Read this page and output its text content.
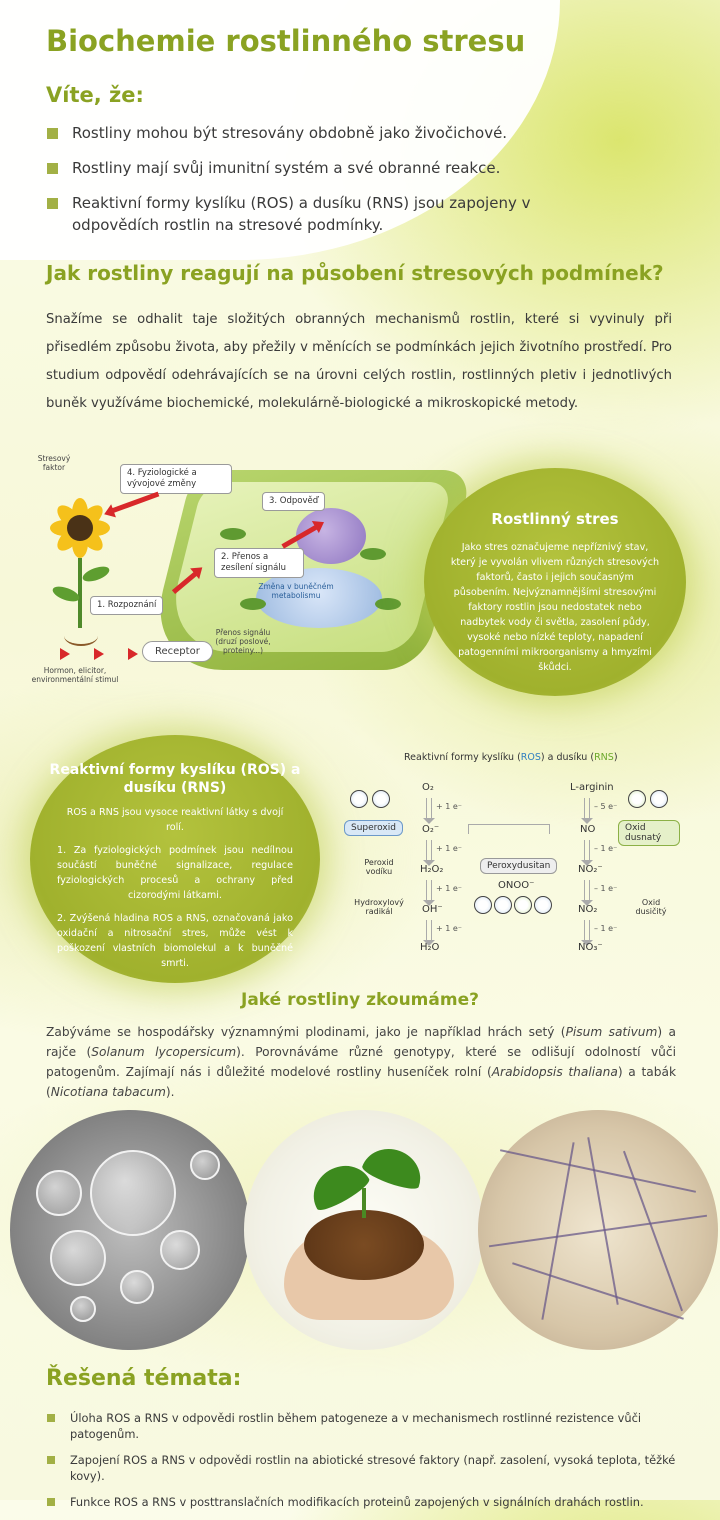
Biochemie rostlinného stresu
Víte, že:
Rostliny mohou být stresovány obdobně jako živočichové.
Rostliny mají svůj imunitní systém a své obranné reakce.
Reaktivní formy kyslíku (ROS) a dusíku (RNS) jsou zapojeny v odpovědích rostlin na stresové podmínky.
Jak rostliny reagují na působení stresových podmínek?

Snažíme se odhalit taje složitých obranných mechanismů rostlin, které si vyvinuly při přisedlém způsobu života, aby přežily v měnících se podmínkách jejich životního prostředí. Pro studium odpovědí odehrávajících se na úrovni celých rostlin, rostlinných pletiv i jednotlivých buněk využíváme biochemické, molekulárně-biologické a mikroskopické metody.

Stresový faktor
4. Fyziologické a vývojové změny
3. Odpověď
2. Přenos a zesílení signálu
1. Rozpoznání
Změna v buněčném metabolismu
Přenos signálu (druzí poslové, proteiny...)
Receptor
Hormon, elicitor, environmentální stimul
Rostlinný stres

Jako stres označujeme nepříznivý stav, který je vyvolán vlivem různých stresových faktorů, často i jejich současným působením. Nejvýznamnějšími stresovými faktory rostlin jsou nedostatek nebo nadbytek vody či světla, zasolení půdy, vysoké nebo nízké teploty, napadení patogenními mikroorganismy a hmyzími škůdci.

Reaktivní formy kyslíku (ROS) a dusíku (RNS)

ROS a RNS jsou vysoce reaktivní látky s dvojí rolí.

1. Za fyziologických podmínek jsou nedílnou součástí buněčné signalizace, regulace fyziologických procesů a ochrany před cizorodými látkami.

2. Zvýšená hladina ROS a RNS, označovaná jako oxidační a nitrosační stres, může vést k poškození vlastních biomolekul a k buněčné smrti.

Reaktivní formy kyslíku (ROS) a dusíku (RNS)
Superoxid
O₂
+ 1 e⁻
O₂⁻
+ 1 e⁻
H₂O₂
+ 1 e⁻
OH⁻
+ 1 e⁻
H₂O
Peroxid vodíku
Hydroxylový radikál
Peroxydusitan
ONOO⁻
L-arginin
– 5 e⁻
NO
– 1 e⁻
NO₂⁻
– 1 e⁻
NO₂
– 1 e⁻
NO₃⁻
Oxid dusnatý
Oxid dusičitý
Jaké rostliny zkoumáme?

Zabýváme se hospodářsky významnými plodinami, jako je například hrách setý (Pisum sativum) a rajče (Solanum lycopersicum). Porovnáváme různé genotypy, které se odlišují odolností vůči patogenům. Zajímají nás i důležité modelové rostliny huseníček rolní (Arabidopsis thaliana) a tabák (Nicotiana tabacum).

Řešená témata:
Úloha ROS a RNS v odpovědi rostlin během patogeneze a v mechanismech rostlinné rezistence vůči patogenům.
Zapojení ROS a RNS v odpovědi rostlin na abiotické stresové faktory (např. zasolení, vysoká teplota, těžké kovy).
Funkce ROS a RNS v posttranslačních modifikacích proteinů zapojených v signálních drahách rostlin.
